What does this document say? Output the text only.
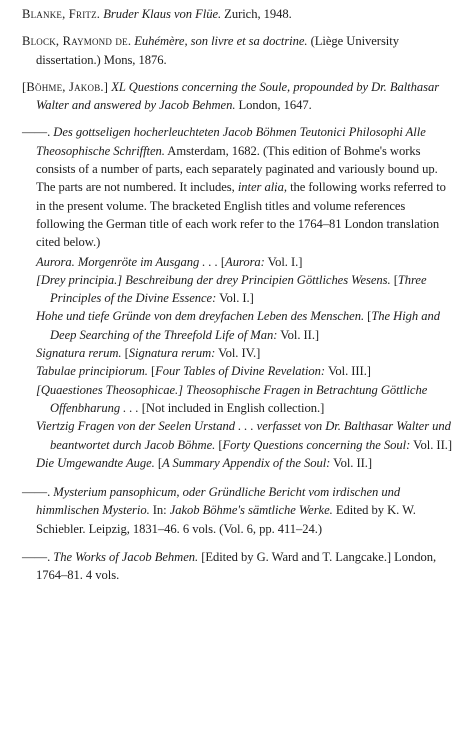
Blanke, Fritz. Bruder Klaus von Flüe. Zurich, 1948.

Block, Raymond de. Euhémère, son livre et sa doctrine. (Liège University dissertation.) Mons, 1876.

[Böhme, Jakob.] XL Questions concerning the Soule, propounded by Dr. Balthasar Walter and answered by Jacob Behmen. London, 1647.

——. Des gottseligen hocherleuchteten Jacob Böhmen Teutonici Philosophi Alle Theosophische Schrifften. Amsterdam, 1682. (This edition of Bohme's works consists of a number of parts, each separately paginated and variously bound up. The parts are not numbered. It includes, inter alia, the following works referred to in the present volume. The bracketed English titles and volume references following the German title of each work refer to the 1764–81 London translation cited below.)

Aurora. Morgenröte im Ausgang . . . [Aurora: Vol. I.]

[Drey principia.] Beschreibung der drey Principien Göttliches Wesens. [Three Principles of the Divine Essence: Vol. I.]

Hohe und tiefe Gründe von dem dreyfachen Leben des Menschen. [The High and Deep Searching of the Threefold Life of Man: Vol. II.]

Signatura rerum. [Signatura rerum: Vol. IV.]

Tabulae principiorum. [Four Tables of Divine Revelation: Vol. III.]

[Quaestiones Theosophicae.] Theosophische Fragen in Betrachtung Göttliche Offenbharung . . . [Not included in English collection.]

Viertzig Fragen von der Seelen Urstand . . . verfasset von Dr. Balthasar Walter und beantwortet durch Jacob Böhme. [Forty Questions concerning the Soul: Vol. II.]

Die Umgewandte Auge. [A Summary Appendix of the Soul: Vol. II.]

——. Mysterium pansophicum, oder Gründliche Bericht vom irdischen und himmlischen Mysterio. In: Jakob Böhme's sämtliche Werke. Edited by K. W. Schiebler. Leipzig, 1831–46. 6 vols. (Vol. 6, pp. 411–24.)

——. The Works of Jacob Behmen. [Edited by G. Ward and T. Langcake.] London, 1764–81. 4 vols.
